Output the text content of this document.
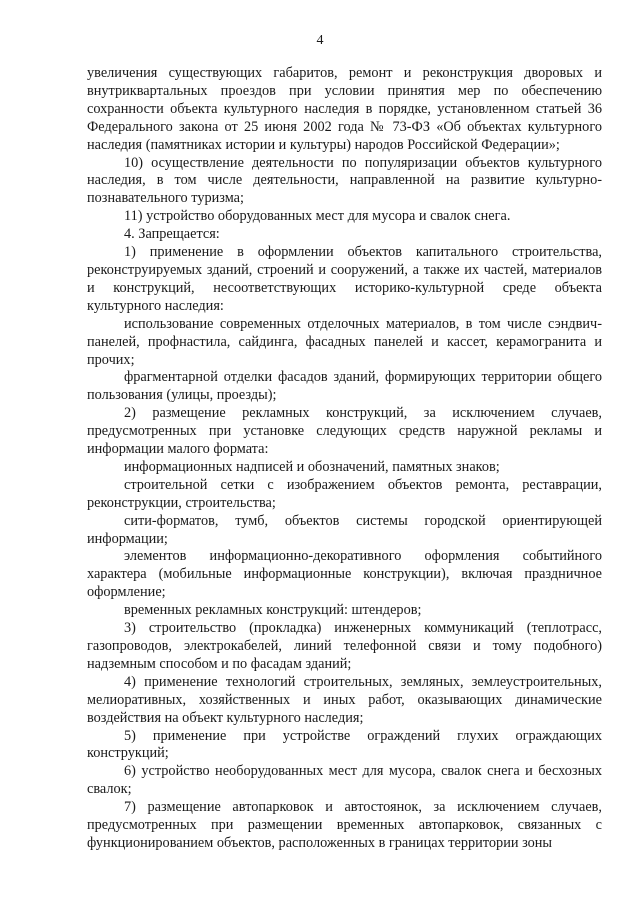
4

увеличения существующих габаритов, ремонт и реконструкция дворовых и внутриквартальных проездов при условии принятия мер по обеспечению сохранности объекта культурного наследия в порядке, установленном статьей 36 Федерального закона от 25 июня 2002 года № 73-ФЗ «Об объектах культурного наследия (памятниках истории и культуры) народов Российской Федерации»;

10) осуществление деятельности по популяризации объектов культурного наследия, в том числе деятельности, направленной на развитие культурно-познавательного туризма;

11) устройство оборудованных мест для мусора и свалок снега.

4. Запрещается:

1) применение в оформлении объектов капитального строительства, реконструируемых зданий, строений и сооружений, а также их частей, материалов и конструкций, несоответствующих историко-культурной среде объекта культурного наследия:

использование современных отделочных материалов, в том числе сэндвич-панелей, профнастила, сайдинга, фасадных панелей и кассет, керамогранита и прочих;

фрагментарной отделки фасадов зданий, формирующих территории общего пользования (улицы, проезды);

2) размещение рекламных конструкций, за исключением случаев, предусмотренных при установке следующих средств наружной рекламы и информации малого формата:

информационных надписей и обозначений, памятных знаков;

строительной сетки с изображением объектов ремонта, реставрации, реконструкции, строительства;

сити-форматов, тумб, объектов системы городской ориентирующей информации;

элементов информационно-декоративного оформления событийного характера (мобильные информационные конструкции), включая праздничное оформление;

временных рекламных конструкций: штендеров;

3) строительство (прокладка) инженерных коммуникаций (теплотрасс, газопроводов, электрокабелей, линий телефонной связи и тому подобного) надземным способом и по фасадам зданий;

4) применение технологий строительных, земляных, землеустроительных, мелиоративных, хозяйственных и иных работ, оказывающих динамические воздействия на объект культурного наследия;

5) применение при устройстве ограждений глухих ограждающих конструкций;

6) устройство необорудованных мест для мусора, свалок снега и бесхозных свалок;

7) размещение автопарковок и автостоянок, за исключением случаев, предусмотренных при размещении временных автопарковок, связанных с функционированием объектов, расположенных в границах территории зоны
